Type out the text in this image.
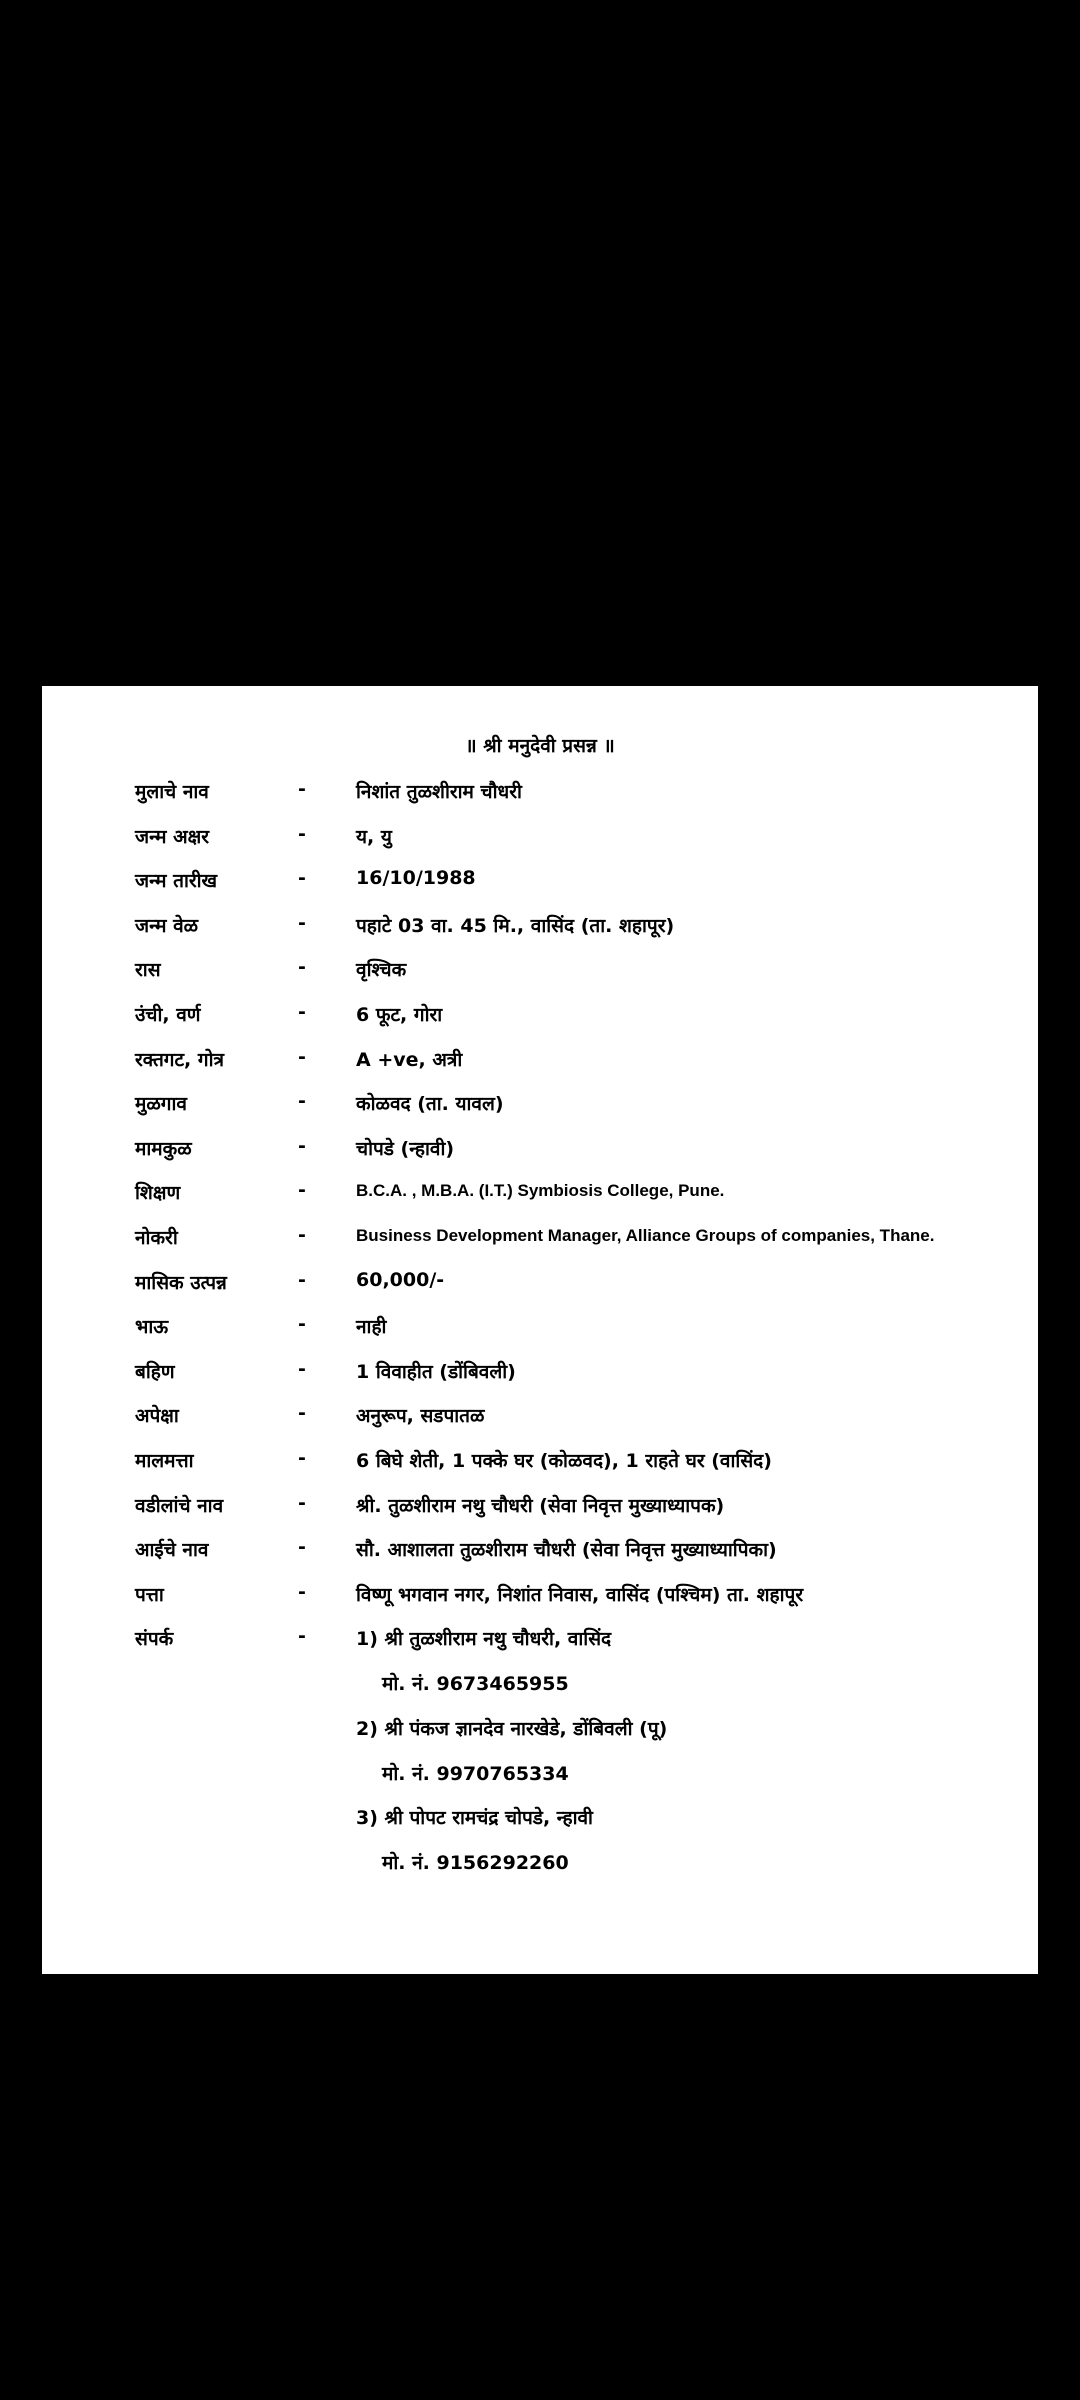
॥ श्री मनुदेवी प्रसन्न ॥
मुलाचे नाव	-	निशांत तुळशीराम चौधरी
जन्म अक्षर	-	य, यु
जन्म तारीख	-	16/10/1988
जन्म वेळ	-	पहाटे 03 वा. 45 मि., वासिंद (ता. शहापूर)
रास	-	वृश्चिक
उंची, वर्ण	-	6 फूट, गोरा
रक्तगट, गोत्र	-	A +ve, अत्री
मुळगाव	-	कोळवद (ता. यावल)
मामकुळ	-	चोपडे (न्हावी)
शिक्षण	-	B.C.A. , M.B.A. (I.T.) Symbiosis College, Pune.
नोकरी	-	Business Development Manager, Alliance Groups of companies, Thane.
मासिक उत्पन्न	-	60,000/-
भाऊ	-	नाही
बहिण	-	1 विवाहीत (डोंबिवली)
अपेक्षा	-	अनुरूप, सडपातळ
मालमत्ता	-	6 बिघे शेती, 1 पक्के घर (कोळवद), 1 राहते घर (वासिंद)
वडीलांचे नाव	-	श्री. तुळशीराम नथु चौधरी (सेवा निवृत्त मुख्याध्यापक)
आईचे नाव	-	सौ. आशालता तुळशीराम चौधरी (सेवा निवृत्त मुख्याध्यापिका)
पत्ता	-	विष्णू भगवान नगर, निशांत निवास, वासिंद (पश्चिम) ता. शहापूर
संपर्क	-	1) श्री तुळशीराम नथु चौधरी, वासिंद
मो. नं. 9673465955
2) श्री पंकज ज्ञानदेव नारखेडे, डोंबिवली (पू)
मो. नं. 9970765334
3) श्री पोपट रामचंद्र चोपडे, न्हावी
मो. नं. 9156292260
